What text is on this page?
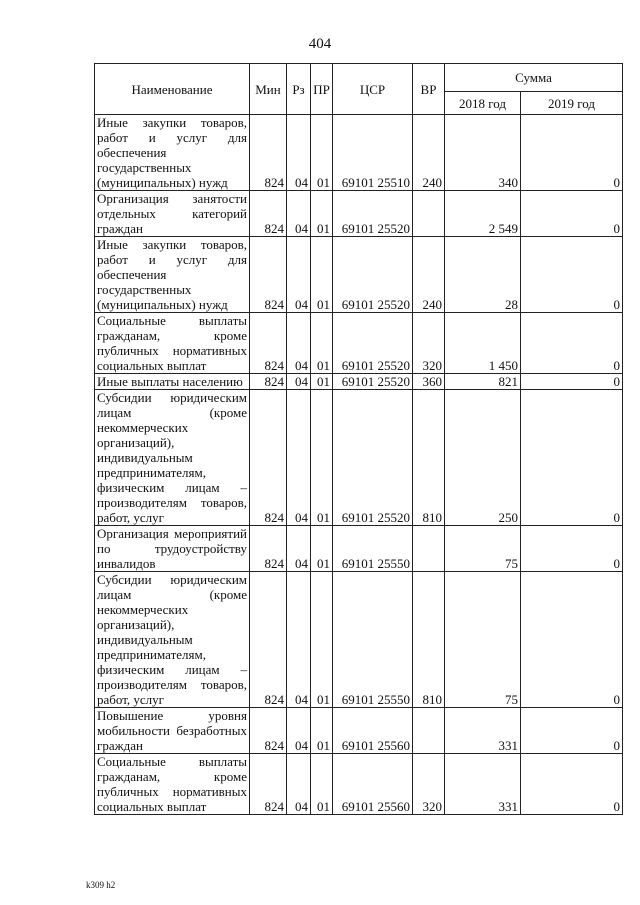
404
Наименование	Мин	Рз	ПР	ЦСР	ВР	Сумма	
						2018 год	2019 год
Иные закупки товаров, работ и услуг для обеспечения государственных (муниципальных) нужд	824	04	01	69101 25510	240	340	0
Организация занятости отдельных категорий граждан	824	04	01	69101 25520		2 549	0
Иные закупки товаров, работ и услуг для обеспечения государственных (муниципальных) нужд	824	04	01	69101 25520	240	28	0
Социальные выплаты гражданам, кроме публичных нормативных социальных выплат	824	04	01	69101 25520	320	1 450	0
Иные выплаты населению	824	04	01	69101 25520	360	821	0
Субсидии юридическим лицам (кроме некоммерческих организаций), индивидуальным предпринимателям, физическим лицам – производителям товаров, работ, услуг	824	04	01	69101 25520	810	250	0
Организация мероприятий по трудоустройству инвалидов	824	04	01	69101 25550		75	0
Субсидии юридическим лицам (кроме некоммерческих организаций), индивидуальным предпринимателям, физическим лицам – производителям товаров, работ, услуг	824	04	01	69101 25550	810	75	0
Повышение уровня мобильности безработных граждан	824	04	01	69101 25560		331	0
Социальные выплаты гражданам, кроме публичных нормативных социальных выплат	824	04	01	69101 25560	320	331	0
k309 h2
